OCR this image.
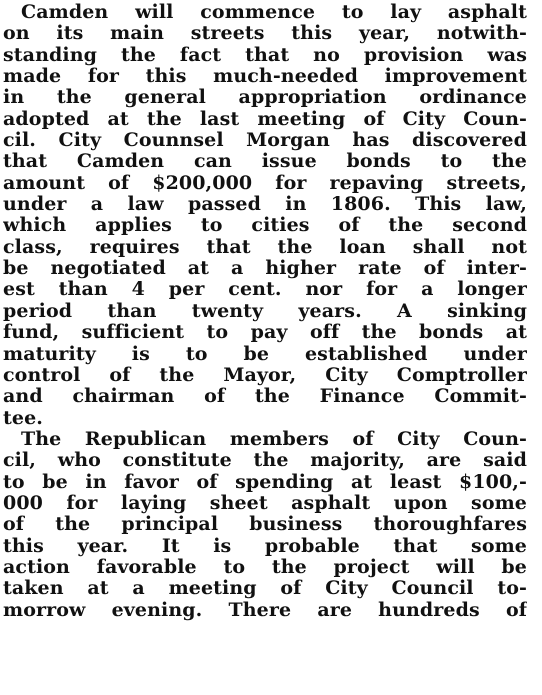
Camden will commence to lay asphalt
on its main streets this year, notwith-
standing the fact that no provision was
made for this much-needed improvement
in the general appropriation ordinance
adopted at the last meeting of City Coun-
cil. City Counnsel Morgan has discovered
that Camden can issue bonds to the
amount of $200,000 for repaving streets,
under a law passed in 1806. This law,
which applies to cities of the second
class, requires that the loan shall not
be negotiated at a higher rate of inter-
est than 4 per cent. nor for a longer
period than twenty years. A sinking
fund, sufficient to pay off the bonds at
maturity is to be established under
control of the Mayor, City Comptroller
and chairman of the Finance Commit-
tee.
The Republican members of City Coun-
cil, who constitute the majority, are said
to be in favor of spending at least $100,-
000 for laying sheet asphalt upon some
of the principal business thoroughfares
this year. It is probable that some
action favorable to the project will be
taken at a meeting of City Council to-
morrow evening. There are hundreds of
